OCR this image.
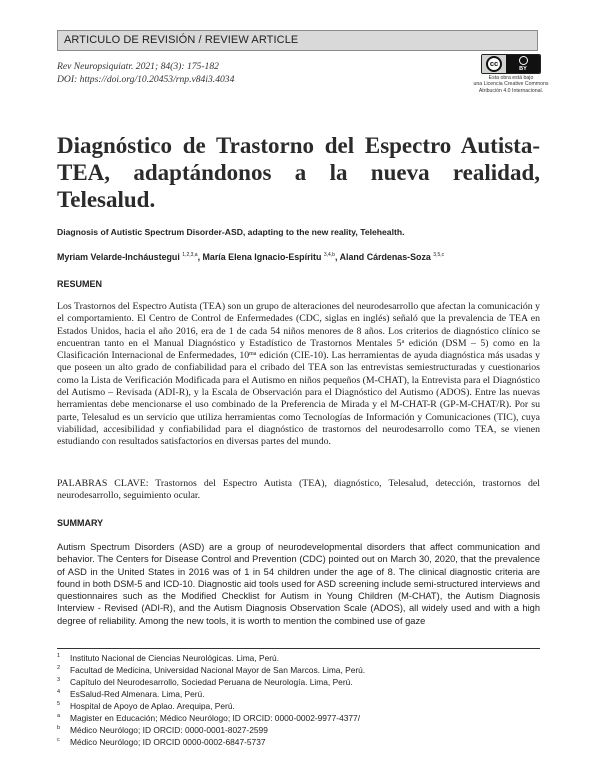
ARTICULO DE REVISIÓN / REVIEW ARTICLE
Rev Neuropsiquiatr. 2021; 84(3): 175-182
DOI: https://doi.org/10.20453/rnp.v84i3.4034
cc
BY
Esta obra está bajo
una Licencia Creative Commons
Atribución 4.0 Internacional.
Diagnóstico de Trastorno del Espectro Autista-TEA, adaptándonos a la nueva realidad, Telesalud.
Diagnosis of Autistic Spectrum Disorder-ASD, adapting to the new reality, Telehealth.
Myriam Velarde-Incháustegui $^{1,2,3,a}$, María Elena Ignacio-Espíritu $^{3,4,b}$, Aland Cárdenas-Soza $^{3,5,c}$
RESUMEN

Los Trastornos del Espectro Autista (TEA) son un grupo de alteraciones del neurodesarrollo que afectan la comunicación y el comportamiento. El Centro de Control de Enfermedades (CDC, siglas en inglés) señaló que la prevalencia de TEA en Estados Unidos, hacia el año 2016, era de 1 de cada 54 niños menores de 8 años. Los criterios de diagnóstico clínico se encuentran tanto en el Manual Diagnóstico y Estadístico de Trastornos Mentales 5$^a$ edición (DSM – 5) como en la Clasificación Internacional de Enfermedades, $10^{ma}$ edición (CIE-10). Las herramientas de ayuda diagnóstica más usadas y que poseen un alto grado de confiabilidad para el cribado del TEA son las entrevistas semiestructuradas y cuestionarios como la Lista de Verificación Modificada para el Autismo en niños pequeños (M-CHAT), la Entrevista para el Diagnóstico del Autismo – Revisada (ADI-R), y la Escala de Observación para el Diagnóstico del Autismo (ADOS). Entre las nuevas herramientas debe mencionarse el uso combinado de la Preferencia de Mirada y el M-CHAT-R (GP-M-CHAT/R). Por su parte, Telesalud es un servicio que utiliza herramientas como Tecnologías de Información y Comunicaciones (TIC), cuya viabilidad, accesibilidad y confiabilidad para el diagnóstico de trastornos del neurodesarrollo como TEA, se vienen estudiando con resultados satisfactorios en diversas partes del mundo.

PALABRAS CLAVE: Trastornos del Espectro Autista (TEA), diagnóstico, Telesalud, detección, trastornos del neurodesarrollo, seguimiento ocular.

SUMMARY

Autism Spectrum Disorders (ASD) are a group of neurodevelopmental disorders that affect communication and behavior. The Centers for Disease Control and Prevention (CDC) pointed out on March 30, 2020, that the prevalence of ASD in the United States in 2016 was of 1 in 54 children under the age of 8. The clinical diagnostic criteria are found in both DSM-5 and ICD-10. Diagnostic aid tools used for ASD screening include semi-structured interviews and questionnaires such as the Modified Checklist for Autism in Young Children (M-CHAT), the Autism Diagnosis Interview - Revised (ADI-R), and the Autism Diagnosis Observation Scale (ADOS), all widely used and with a high degree of reliability. Among the new tools, it is worth to mention the combined use of gaze

1	Instituto Nacional de Ciencias Neurológicas. Lima, Perú.
2	Facultad de Medicina, Universidad Nacional Mayor de San Marcos. Lima, Perú.
3	Capítulo del Neurodesarrollo, Sociedad Peruana de Neurología. Lima, Perú.
4	EsSalud-Red Almenara. Lima, Perú.
5	Hospital de Apoyo de Aplao. Arequipa, Perú.
a	Magister en Educación; Médico Neurólogo; ID ORCID: 0000-0002-9977-4377/
b	Médico Neurólogo; ID ORCID: 0000-0001-8027-2599
c	Médico Neurólogo; ID ORCID 0000-0002-6847-5737
